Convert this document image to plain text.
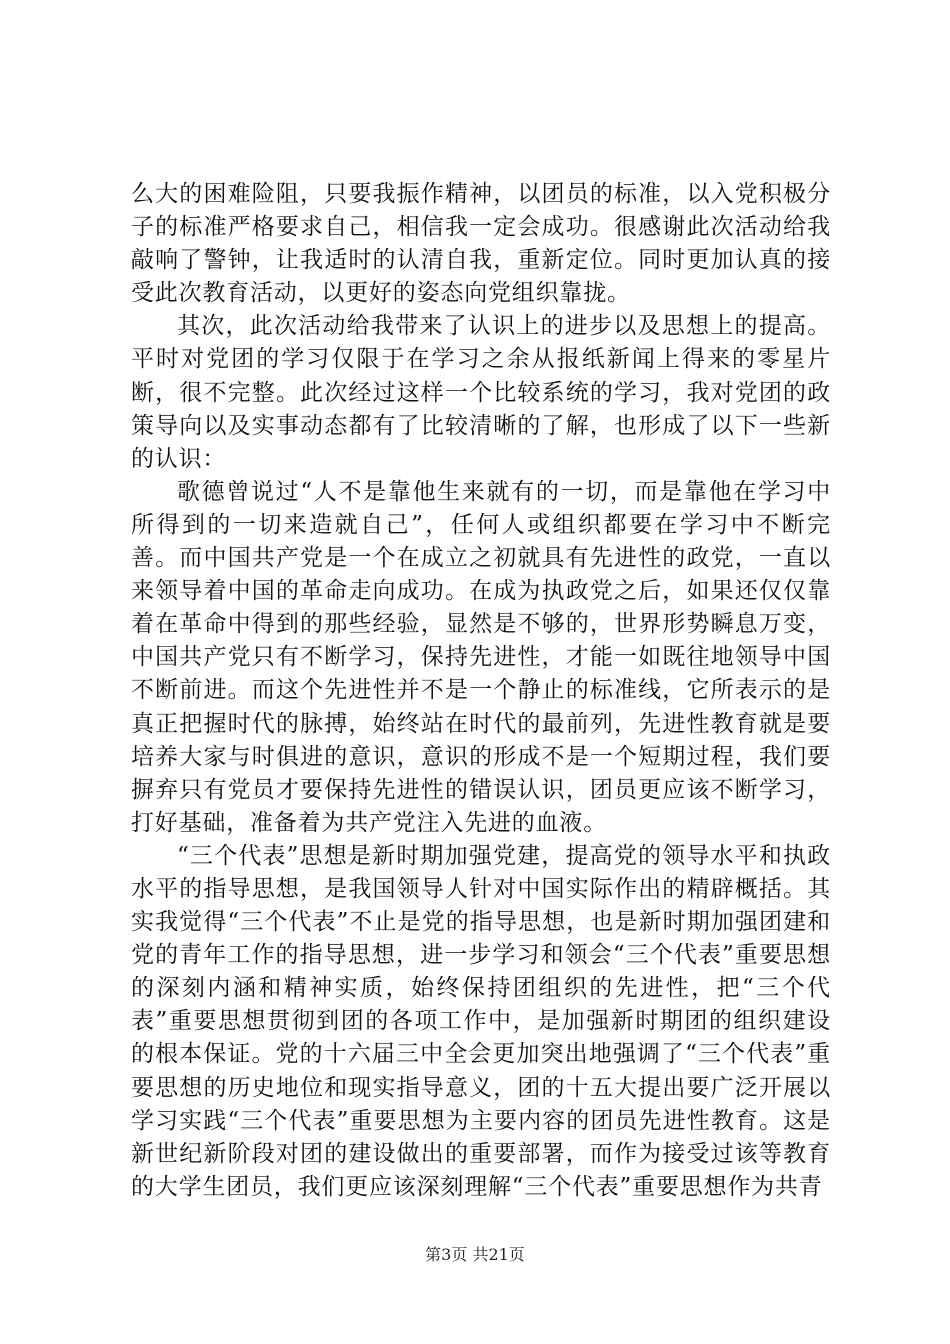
么大的困难险阻，只要我振作精神，以团员的标准，以入党积极分子的标准严格要求自己，相信我一定会成功。很感谢此次活动给我敲响了警钟，让我适时的认清自我，重新定位。同时更加认真的接受此次教育活动，以更好的姿态向党组织靠拢。

其次，此次活动给我带来了认识上的进步以及思想上的提高。平时对党团的学习仅限于在学习之余从报纸新闻上得来的零星片断，很不完整。此次经过这样一个比较系统的学习，我对党团的政策导向以及实事动态都有了比较清晰的了解，也形成了以下一些新的认识：

歌德曾说过“人不是靠他生来就有的一切，而是靠他在学习中所得到的一切来造就自己”，任何人或组织都要在学习中不断完善。而中国共产党是一个在成立之初就具有先进性的政党，一直以来领导着中国的革命走向成功。在成为执政党之后，如果还仅仅靠着在革命中得到的那些经验，显然是不够的，世界形势瞬息万变，中国共产党只有不断学习，保持先进性，才能一如既往地领导中国不断前进。而这个先进性并不是一个静止的标准线，它所表示的是真正把握时代的脉搏，始终站在时代的最前列，先进性教育就是要培养大家与时俱进的意识，意识的形成不是一个短期过程，我们要摒弃只有党员才要保持先进性的错误认识，团员更应该不断学习，打好基础，准备着为共产党注入先进的血液。

“三个代表”思想是新时期加强党建，提高党的领导水平和执政水平的指导思想，是我国领导人针对中国实际作出的精辟概括。其实我觉得“三个代表”不止是党的指导思想，也是新时期加强团建和党的青年工作的指导思想，进一步学习和领会“三个代表”重要思想的深刻内涵和精神实质，始终保持团组织的先进性，把“三个代表”重要思想贯彻到团的各项工作中，是加强新时期团的组织建设的根本保证。党的十六届三中全会更加突出地强调了“三个代表”重要思想的历史地位和现实指导意义，团的十五大提出要广泛开展以学习实践“三个代表”重要思想为主要内容的团员先进性教育。这是新世纪新阶段对团的建设做出的重要部署，而作为接受过该等教育的大学生团员，我们更应该深刻理解“三个代表”重要思想作为共青

第3页 共21页
